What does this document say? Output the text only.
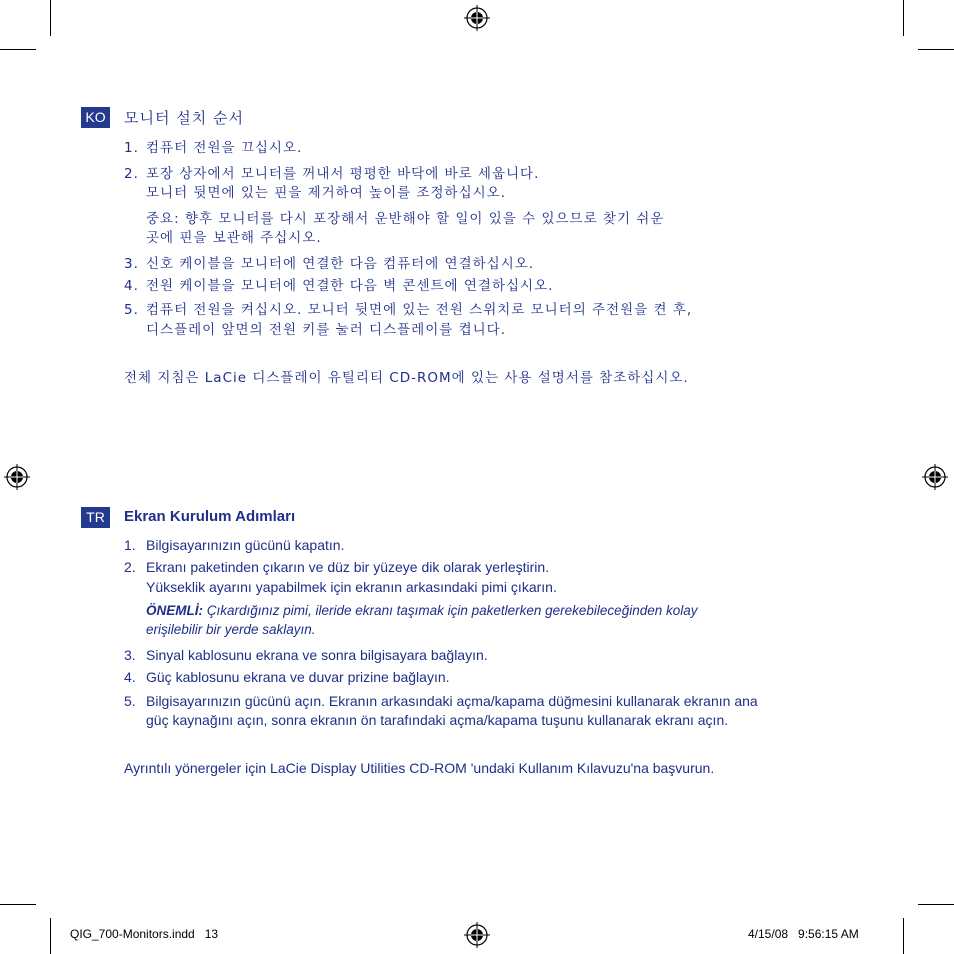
KO 모니터 설치 순서
1. 컴퓨터 전원을 끄십시오.
2. 포장 상자에서 모니터를 꺼내서 평평한 바닥에 바로 세웁니다.
모니터 뒷면에 있는 핀을 제거하여 높이를 조정하십시오.
중요: 향후 모니터를 다시 포장해서 운반해야 할 일이 있을 수 있으므로 찾기 쉬운
곳에 핀을 보관해 주십시오.
3. 신호 케이블을 모니터에 연결한 다음 컴퓨터에 연결하십시오.
4. 전원 케이블을 모니터에 연결한 다음 벽 콘센트에 연결하십시오.
5. 컴퓨터 전원을 켜십시오. 모니터 뒷면에 있는 전원 스위치로 모니터의 주전원을 켠 후,
디스플레이 앞면의 전원 키를 눌러 디스플레이를 켭니다.
전체 지침은 LaCie 디스플레이 유틸리티 CD-ROM에 있는 사용 설명서를 참조하십시오.
TR	Ekran Kurulum Adımları
1. Bilgisayarınızın gücünü kapatın.
2. Ekranı paketinden çıkarın ve düz bir yüzeye dik olarak yerleştirin.
Yükseklik ayarını yapabilmek için ekranın arkasındaki pimi çıkarın.
ÖNEMLİ: Çıkardığınız pimi, ileride ekranı taşımak için paketlerken gerekebileceğinden kolay
erişilebilir bir yerde saklayın.
3. Sinyal kablosunu ekrana ve sonra bilgisayara bağlayın.
4. Güç kablosunu ekrana ve duvar prizine bağlayın.
5. Bilgisayarınızın gücünü açın. Ekranın arkasındaki açma/kapama düğmesini kullanarak ekranın ana
güç kaynağını açın, sonra ekranın ön tarafındaki açma/kapama tuşunu kullanarak ekranı açın.
Ayrıntılı yönergeler için LaCie Display Utilities CD-ROM 'undaki Kullanım Kılavuzu'na başvurun.
QIG_700-Monitors.indd   13	4/15/08   9:56:15 AM
